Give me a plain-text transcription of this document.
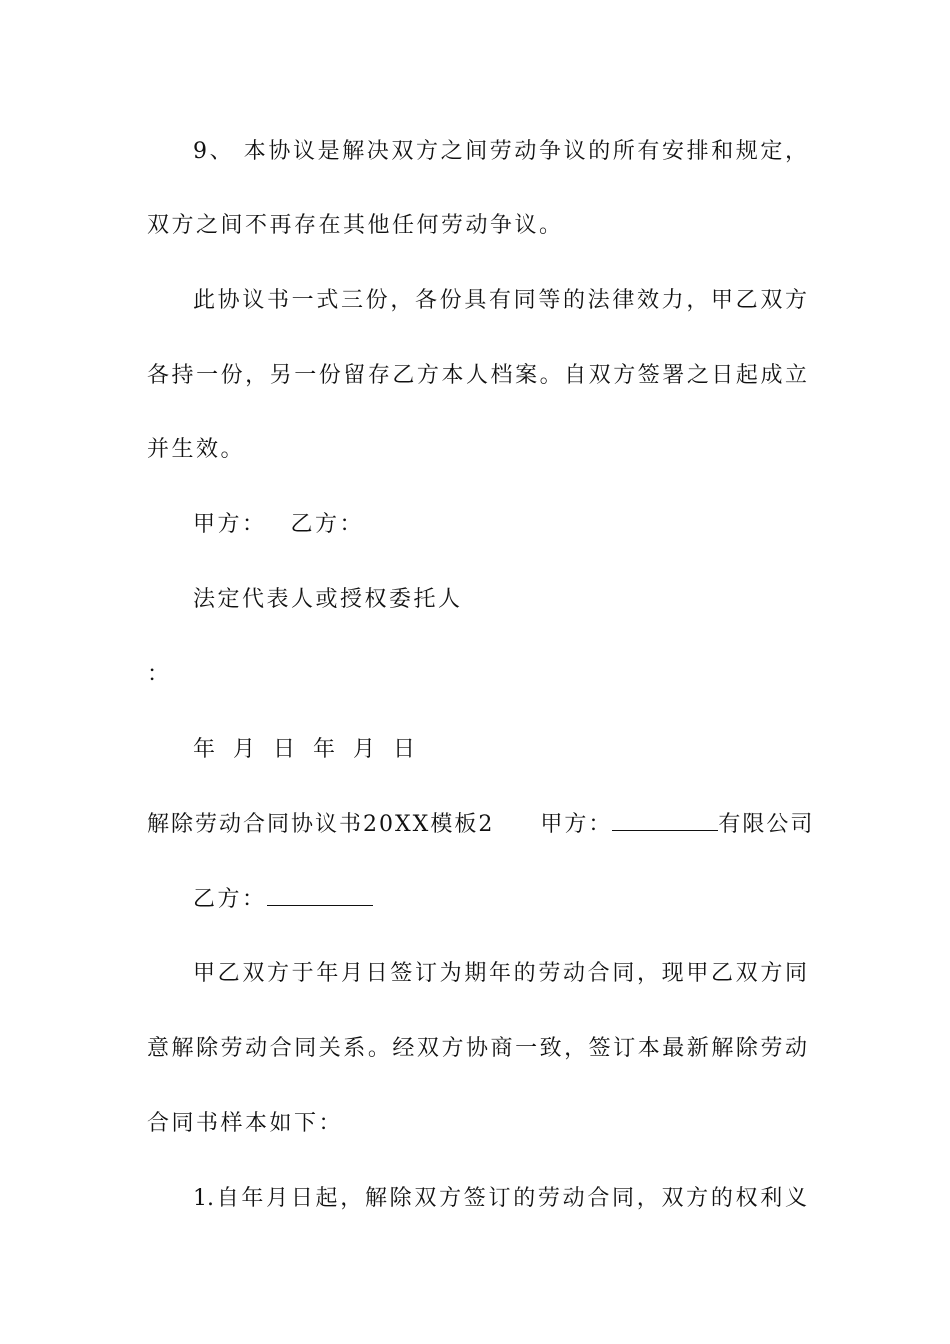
9、 本协议是解决双方之间劳动争议的所有安排和规定，
双方之间不再存在其他任何劳动争议。
此协议书一式三份，各份具有同等的法律效力，甲乙双方
各持一份，另一份留存乙方本人档案。自双方签署之日起成立
并生效。
甲方： 乙方：
法定代表人或授权委托人
：
年 月 日 年 月 日
解除劳动合同协议书20XX模板2 甲方：	有限公司
乙方：
甲乙双方于年月日签订为期年的劳动合同，现甲乙双方同
意解除劳动合同关系。经双方协商一致，签订本最新解除劳动
合同书样本如下：
1.自年月日起，解除双方签订的劳动合同，双方的权利义
